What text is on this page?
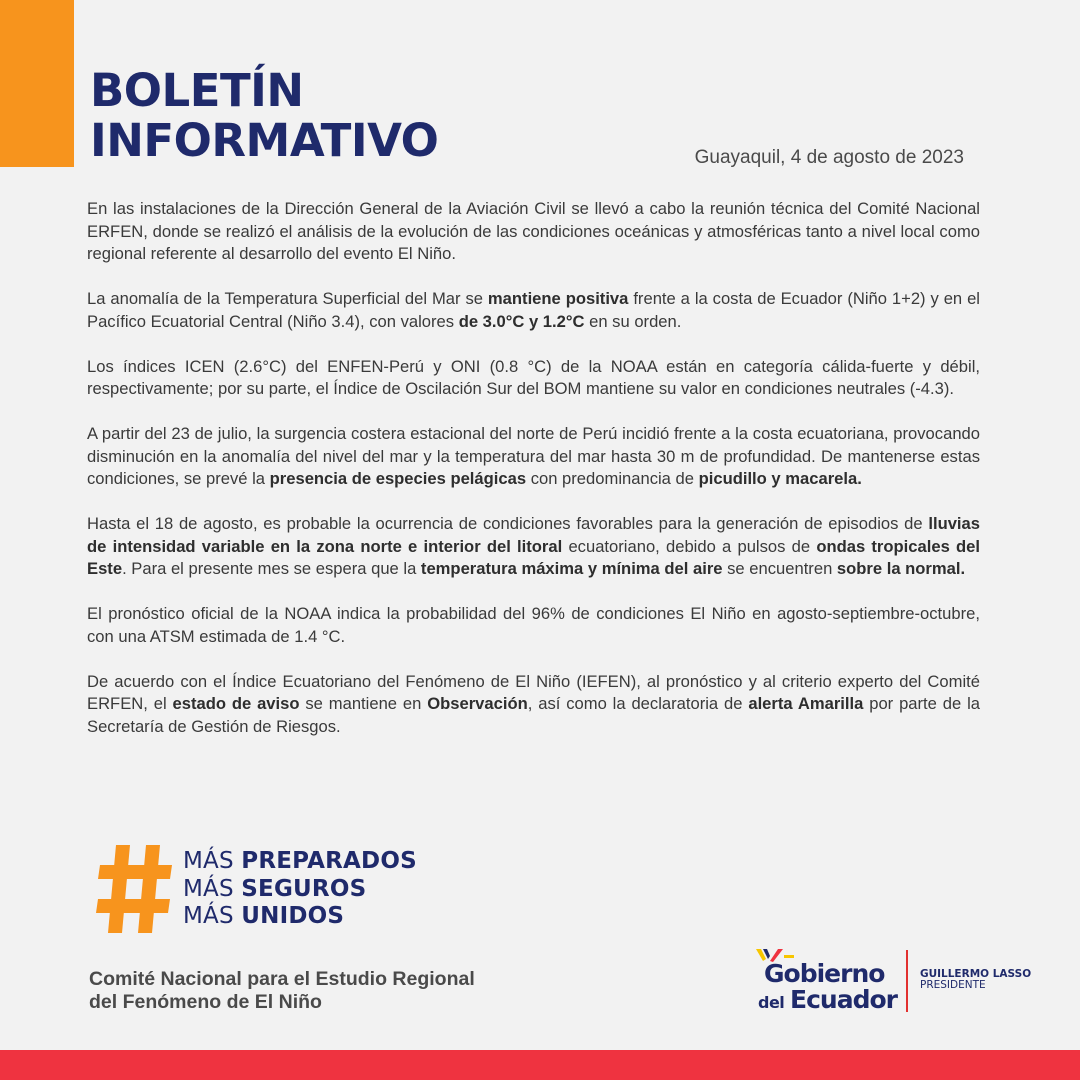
BOLETÍN
INFORMATIVO	Guayaquil, 4 de agosto de 2023

En las instalaciones de la Dirección General de la Aviación Civil se llevó a cabo la reunión técnica del Comité Nacional ERFEN, donde se realizó el análisis de la evolución de las condiciones oceánicas y atmosféricas tanto a nivel local como regional referente al desarrollo del evento El Niño.

La anomalía de la Temperatura Superficial del Mar se mantiene positiva frente a la costa de Ecuador (Niño 1+2) y en el Pacífico Ecuatorial Central (Niño 3.4), con valores de 3.0°C y 1.2°C en su orden.

Los índices ICEN (2.6°C) del ENFEN-Perú y ONI (0.8 °C) de la NOAA están en categoría cálida-fuerte y débil, respectivamente; por su parte, el Índice de Oscilación Sur del BOM mantiene su valor en condiciones neutrales (-4.3).

A partir del 23 de julio, la surgencia costera estacional del norte de Perú incidió frente a la costa ecuatoriana, provocando disminución en la anomalía del nivel del mar y la temperatura del mar hasta 30 m de profundidad. De mantenerse estas condiciones, se prevé la presencia de especies pelágicas con predominancia de picudillo y macarela.

Hasta el 18 de agosto, es probable la ocurrencia de condiciones favorables para la generación de episodios de lluvias de intensidad variable en la zona norte e interior del litoral ecuatoriano, debido a pulsos de ondas tropicales del Este. Para el presente mes se espera que la temperatura máxima y mínima del aire se encuentren sobre la normal.

El pronóstico oficial de la NOAA indica la probabilidad del 96% de condiciones El Niño en agosto-septiembre-octubre, con una ATSM estimada de 1.4 °C.

De acuerdo con el Índice Ecuatoriano del Fenómeno de El Niño (IEFEN), al pronóstico y al criterio experto del Comité ERFEN, el estado de aviso se mantiene en Observación, así como la declaratoria de alerta Amarilla por parte de la Secretaría de Gestión de Riesgos.

MÁS PREPARADOS
MÁS SEGUROS
MÁS UNIDOS
Comité Nacional para el Estudio Regional
del Fenómeno de El Niño
Gobierno
del Ecuador
GUILLERMO LASSO
PRESIDENTE
